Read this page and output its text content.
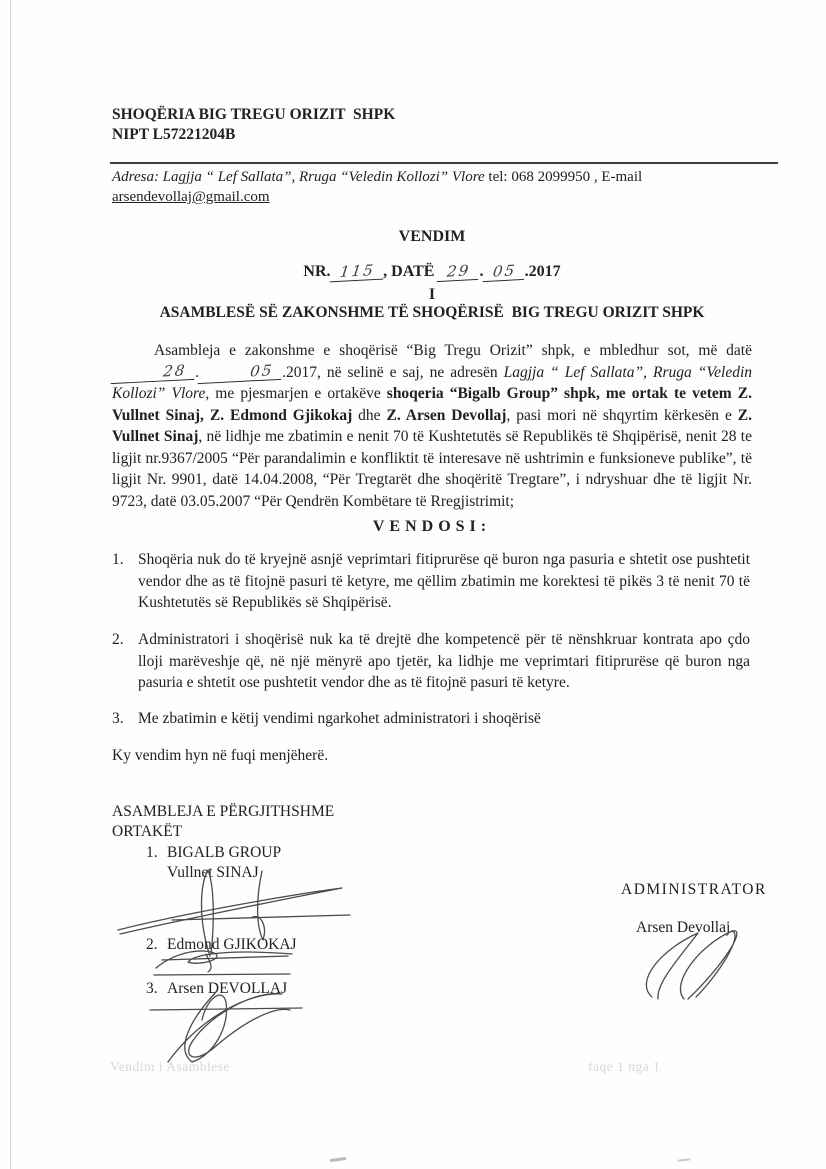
SHOQËRIA BIG TREGU ORIZIT  SHPK
NIPT L57221204B
Adresa: Lagjja “ Lef Sallata”, Rruga “Veledin Kollozi” Vlore tel: 068 2099950 , E-mail
arsendevollaj@gmail.com
VENDIM
NR. 115 , DATË 29 . 05 .2017
I
ASAMBLESË SË ZAKONSHME TË SHOQËRISË  BIG TREGU ORIZIT SHPK

Asambleja e zakonshme e shoqërisë “Big Tregu Orizit” shpk, e mbledhur sot, më datë 28 .	05 .2017, në selinë e saj, ne adresën Lagjja “ Lef Sallata”, Rruga “Veledin Kollozi” Vlore, me pjesmarjen e ortakëve shoqeria “Bigalb Group” shpk, me ortak te vetem Z. Vullnet Sinaj, Z. Edmond Gjikokaj dhe Z. Arsen Devollaj, pasi mori në shqyrtim kërkesën e Z. Vullnet Sinaj, në lidhje me zbatimin e nenit 70 të Kushtetutës së Republikës të Shqipërisë, nenit 28 te ligjit nr.9367/2005 “Për parandalimin e konfliktit të interesave në ushtrimin e funksioneve publike”, të ligjit Nr. 9901, datë 14.04.2008, “Për Tregtarët dhe shoqëritë Tregtare”, i ndryshuar dhe të ligjit Nr. 9723, datë 03.05.2007 “Për Qendrën Kombëtare të Rregjistrimit;

VENDOSI:
1. Shoqëria nuk do të kryejnë asnjë veprimtari fitiprurëse që buron nga pasuria e shtetit ose pushtetit vendor dhe as të fitojnë pasuri të ketyre, me qëllim zbatimin me korektesi të pikës 3 të nenit 70 të Kushtetutës së Republikës së Shqipërisë.
2. Administratori i shoqërisë nuk ka të drejtë dhe kompetencë për të nënshkruar kontrata apo çdo lloji marëveshje që, në një mënyrë apo tjetër, ka lidhje me veprimtari fitiprurëse që buron nga pasuria e shtetit ose pushtetit vendor dhe as të fitojnë pasuri të ketyre.
3. Me zbatimin e këtij vendimi ngarkohet administratori i shoqërisë
Ky vendim hyn në fuqi menjëherë.
ASAMBLEJA E PËRGJITHSHME
ORTAKËT
1. BIGALB GROUP
Vullnet SINAJ
2. Edmond GJIKOKAJ
3. Arsen DEVOLLAJ
ADMINISTRATOR
Arsen Devollaj
Vendim i Asamblese	faqe 1 nga 1
